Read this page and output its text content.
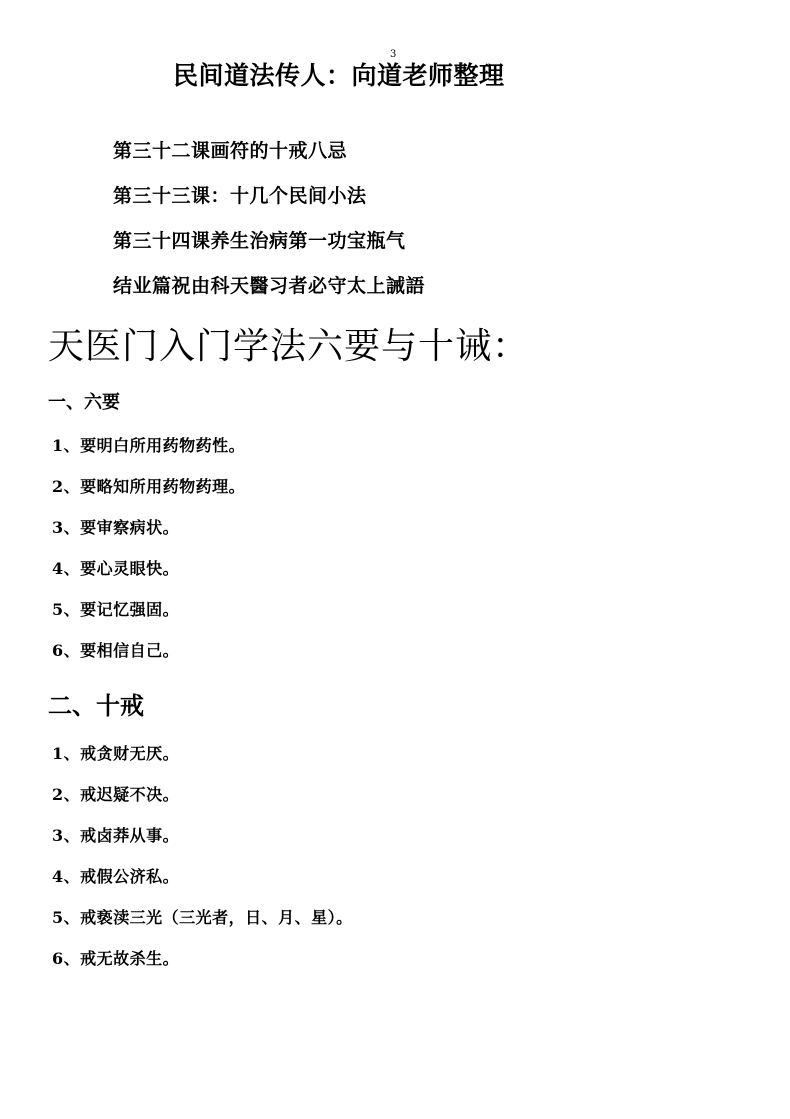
3
民间道法传人：向道老师整理
第三十二课画符的十戒八忌
第三十三课：十几个民间小法
第三十四课养生治病第一功宝瓶气
结业篇祝由科天醫习者必守太上誡語
天医门入门学法六要与十诫：
一、六要
1、要明白所用药物药性。
2、要略知所用药物药理。
3、要审察病状。
4、要心灵眼快。
5、要记忆强固。
6、要相信自己。
二、十戒
1、戒贪财无厌。
2、戒迟疑不决。
3、戒卤莽从事。
4、戒假公济私。
5、戒亵渎三光（三光者，日、月、星）。
6、戒无故杀生。
